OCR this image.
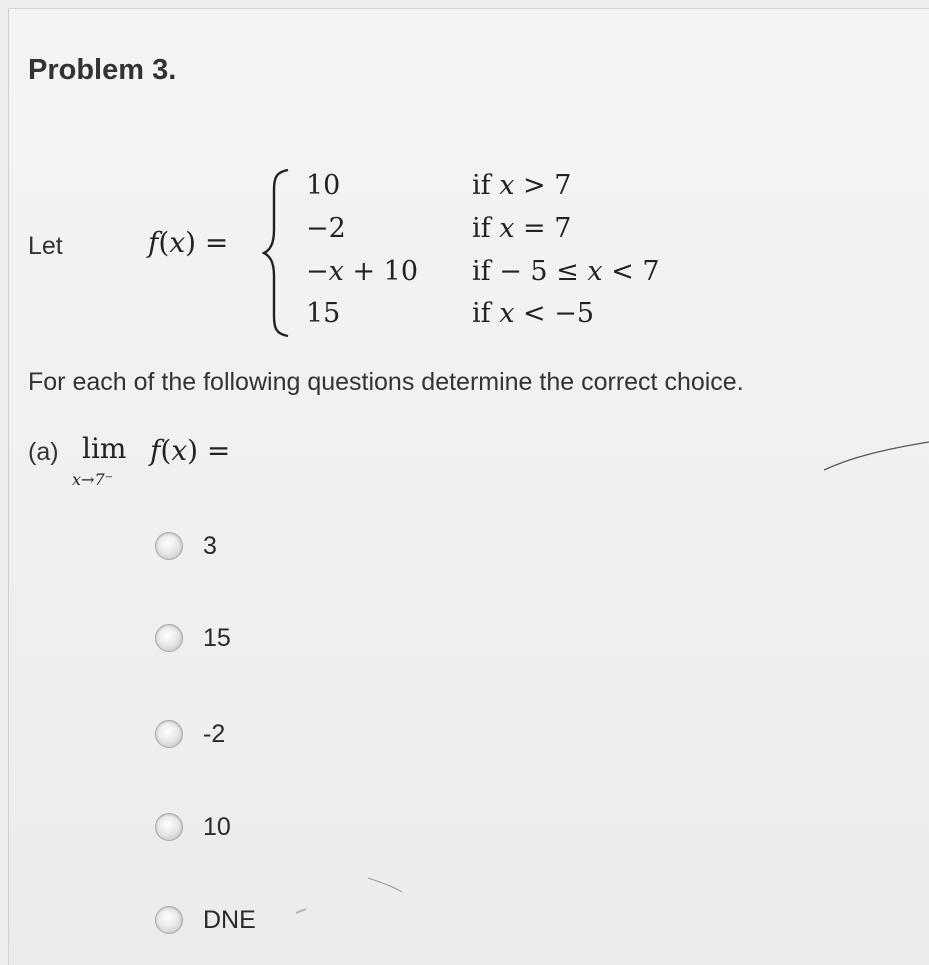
Problem 3.
Let	f(x) =
10	if x > 7
−2	if x = 7
−x + 10 if − 5 ≤ x < 7
15	if x < −5
For each of the following questions determine the correct choice.
(a) lim
x→7⁻
f(x) =
3
15
-2
10
DNE
